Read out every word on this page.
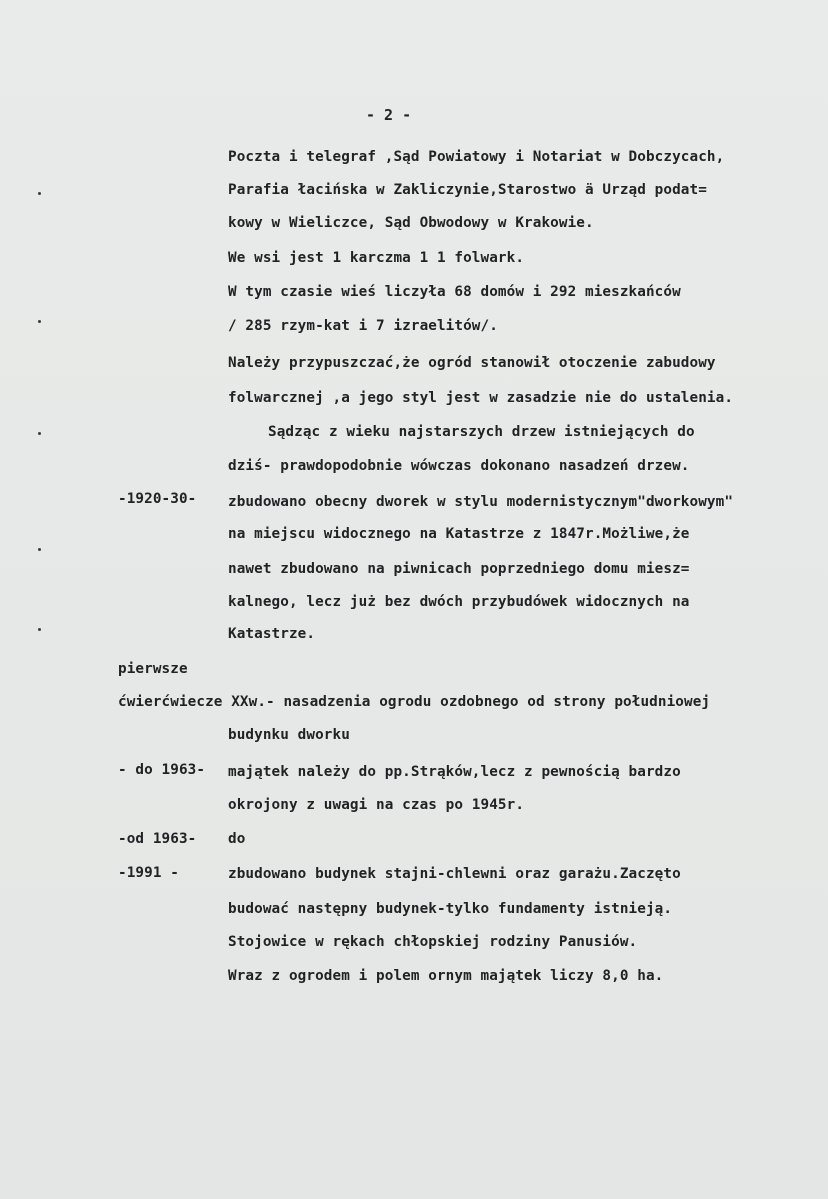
- 2 -
Poczta i telegraf ,Sąd Powiatowy i Notariat w Dobczycach,
Parafia łacińska w Zakliczynie,Starostwo ä Urząd podat=
kowy w Wieliczce, Sąd Obwodowy w Krakowie.
We wsi jest 1 karczma 1 1 folwark.
W tym czasie wieś liczyła 68 domów i 292 mieszkańców
/ 285 rzym-kat i 7 izraelitów/.
Należy przypuszczać,że ogród stanowił otoczenie zabudowy
folwarcznej ,a jego styl jest w zasadzie nie do ustalenia.
Sądząc z wieku najstarszych drzew istniejących do
dziś- prawdopodobnie wówczas dokonano nasadzeń drzew.
-1920-30- zbudowano obecny dworek w stylu modernistycznym"dworkowym"
na miejscu widocznego na Katastrze z 1847r.Możliwe,że
nawet zbudowano na piwnicach poprzedniego domu miesz=
kalnego, lecz już bez dwóch przybudówek widocznych na
Katastrze.
pierwsze
ćwierćwiecze XXw.- nasadzenia ogrodu ozdobnego od strony południowej
budynku dworku
- do 1963- majątek należy do pp.Strąków,lecz z pewnością bardzo
okrojony z uwagi na czas po 1945r.
-od 1963- do
-1991 -	zbudowano budynek stajni-chlewni oraz garażu.Zaczęto
budować następny budynek-tylko fundamenty istnieją.
Stojowice w rękach chłopskiej rodziny Panusiów.
Wraz z ogrodem i polem ornym majątek liczy 8,0 ha.
